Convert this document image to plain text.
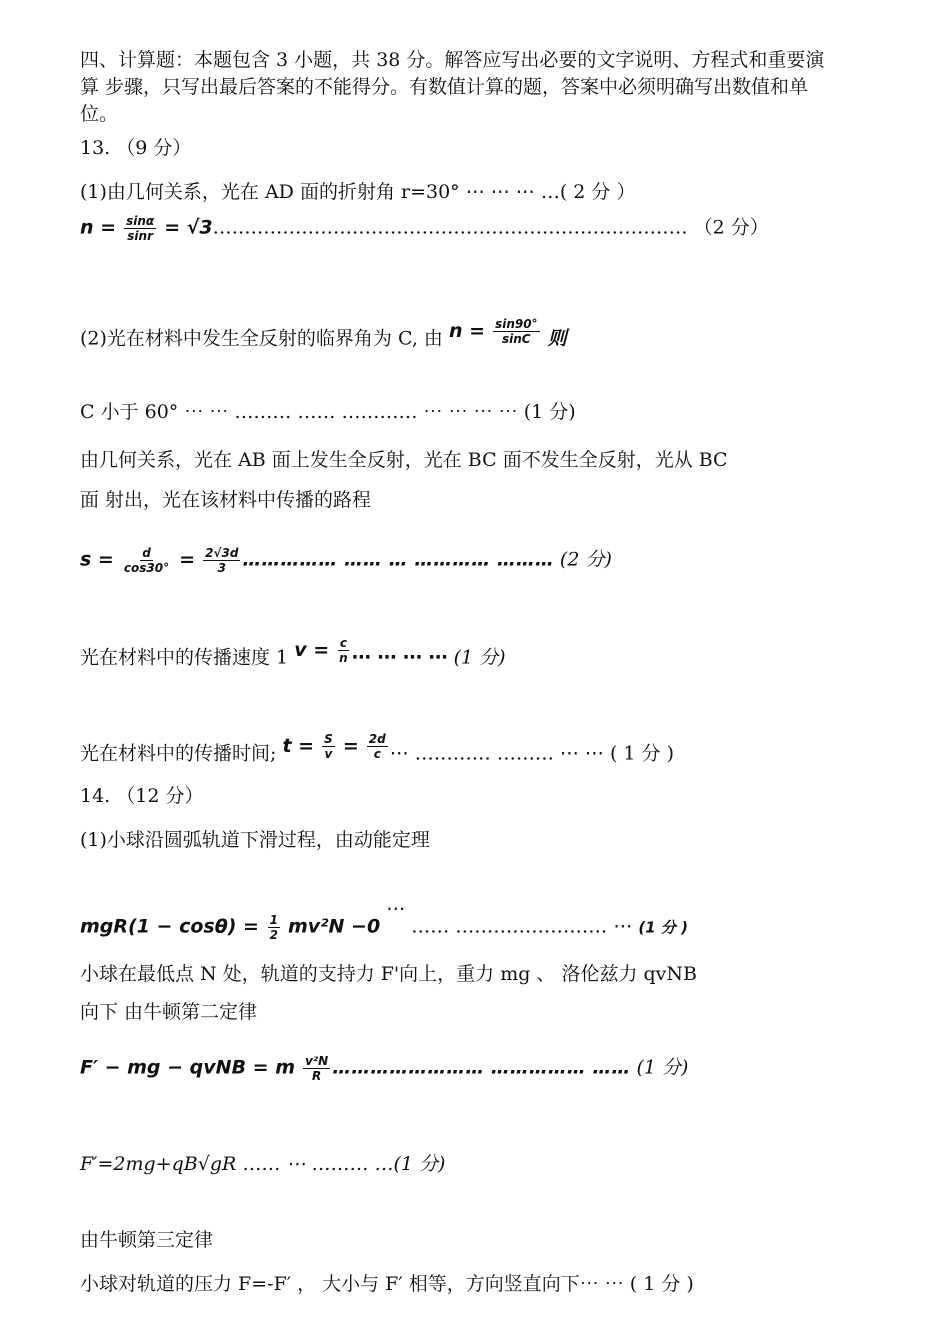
四、计算题：本题包含 3 小题，共 38 分。解答应写出必要的文字说明、方程式和重要演
算 步骤，只写出最后答案的不能得分。有数值计算的题，答案中必须明确写出数值和单
位。
13. （9 分）
(1)由几何关系，光在 AD 面的折射角 r=30° ⋯ ⋯ ⋯ …( 2 分 ）
$n = \frac{\sin\alpha}{\sin r}$ = √3………………………………………………………………… （2 分）
(2)光在材料中发生全反射的临界角为 C, 由 $n = \frac{\sin 90^\circ}{\sin C}$ 则
C 小于 60° ⋯ ⋯ ……… …… ………… ⋯ ⋯ ⋯ ⋯ (1 分)
由几何关系，光在 AB 面上发生全反射，光在 BC 面不发生全反射，光从 BC
面 射出，光在该材料中传播的路程
$s = \frac{d}{\cos 30^\circ} = \frac{2√3d}{3}$ …………… …… … ………… ……… (2 分)
光在材料中的传播速度 1 $v = \frac{c}{n}$ ⋯ ⋯ ⋯ ⋯ (1 分)
光在材料中的传播时间; $t = \frac{S}{v} = \frac{2d}{c}$ ⋯ ………… ……… ⋯ ⋯ ( 1 分 )
14. （12 分）
(1)小球沿圆弧轨道下滑过程，由动能定理
$mgR(1 - \cos\theta) = \frac{1}{2} mv^2N -0$ ⋯ …… …………………… ⋯ (1 分 )
小球在最低点 N 处，轨道的支持力 F'向上，重力 mg 、 洛伦兹力 qvNB
向下 由牛顿第二定律
F′ − mg − qvNB = m $\frac{\text{v²N}}{R}$ …………………… …………… …… (1 分)
F′=2mg+qB√gR …… ⋯ ……… …(1 分)
由牛顿第三定律
小球对轨道的压力 F=-F′ ， 大小与 F′ 相等，方向竖直向下⋯ ⋯ ( 1 分 )
